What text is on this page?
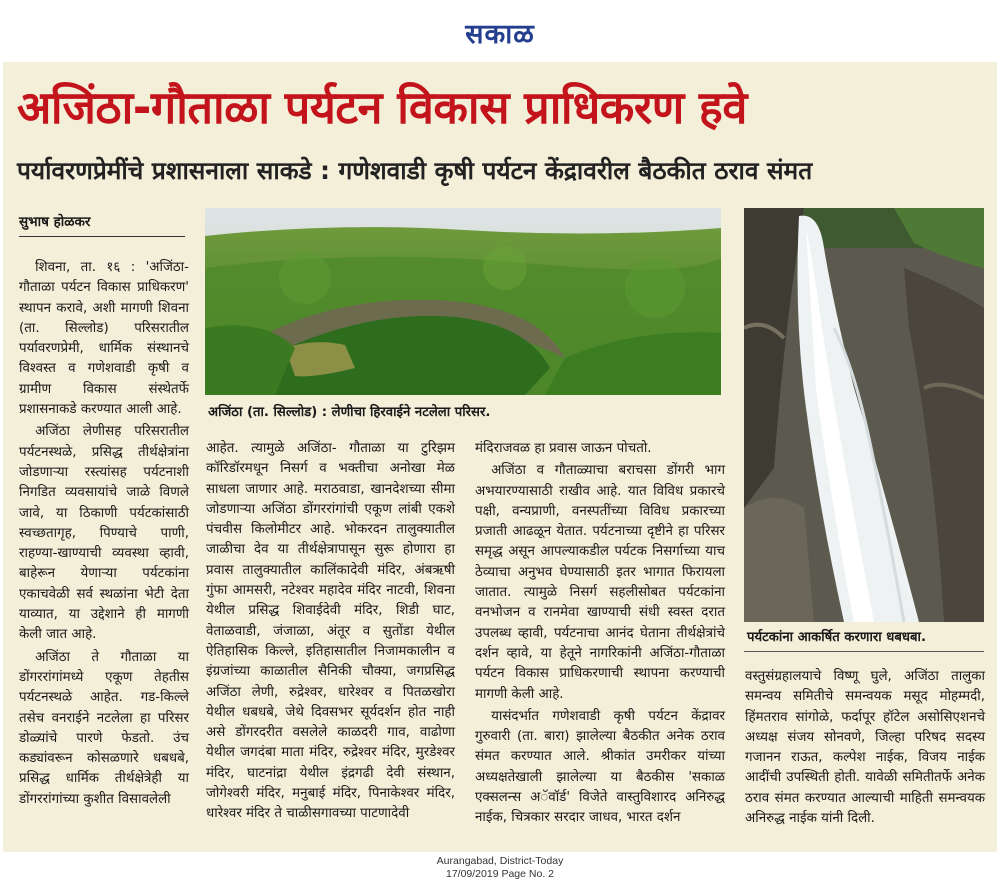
सकाळ
अजिंठा-गौताळा पर्यटन विकास प्राधिकरण हवे
पर्यावरणप्रेमींचे प्रशासनाला साकडे : गणेशवाडी कृषी पर्यटन केंद्रावरील बैठकीत ठराव संमत
सुभाष होळकर

शिवना, ता. १६ : 'अजिंठा-गौताळा पर्यटन विकास प्राधिकरण' स्थापन करावे, अशी मागणी शिवना (ता. सिल्लोड) परिसरातील पर्यावरणप्रेमी, धार्मिक संस्थानचे विश्वस्त व गणेशवाडी कृषी व ग्रामीण विकास संस्थेतर्फे प्रशासनाकडे करण्यात आली आहे.

अजिंठा लेणीसह परिसरातील पर्यटनस्थळे, प्रसिद्ध तीर्थक्षेत्रांना जोडणाऱ्या रस्त्यांसह पर्यटनाशी निगडित व्यवसायांचे जाळे विणले जावे, या ठिकाणी पर्यटकांसाठी स्वच्छतागृह, पिण्याचे पाणी, राहण्या-खाण्याची व्यवस्था व्हावी, बाहेरून येणाऱ्या पर्यटकांना एकाचवेळी सर्व स्थळांना भेटी देता याव्यात, या उद्देशाने ही मागणी केली जात आहे.

अजिंठा ते गौताळा या डोंगररांगांमध्ये एकूण तेहतीस पर्यटनस्थळे आहेत. गड-किल्ले तसेच वनराईने नटलेला हा परिसर डोळ्यांचे पारणे फेडतो. उंच कड्यांवरून कोसळणारे धबधबे, प्रसिद्ध धार्मिक तीर्थक्षेत्रेही या डोंगररांगांच्या कुशीत विसावलेली

अजिंठा (ता. सिल्लोड) : लेणीचा हिरवाईने नटलेला परिसर.
पर्यटकांना आकर्षित करणारा धबधबा.

आहेत. त्यामुळे अजिंठा- गौताळा या टुरिझम कॉरिडॉरमधून निसर्ग व भक्तीचा अनोखा मेळ साधला जाणार आहे. मराठवाडा, खानदेशच्या सीमा जोडणाऱ्या अजिंठा डोंगररांगांची एकूण लांबी एकशे पंचवीस किलोमीटर आहे. भोकरदन तालुक्यातील जाळीचा देव या तीर्थक्षेत्रापासून सुरू होणारा हा प्रवास तालुक्यातील कालिंकादेवी मंदिर, अंबऋषी गुंफा आमसरी, नटेश्वर महादेव मंदिर नाटवी, शिवना येथील प्रसिद्ध शिवाईदेवी मंदिर, शिडी घाट, वेताळवाडी, जंजाळा, अंतूर व सुतोंडा येथील ऐतिहासिक किल्ले, इतिहासातील निजामकालीन व इंग्रजांच्या काळातील सैनिकी चौक्या, जगप्रसिद्ध अजिंठा लेणी, रुद्रेश्वर, धारेश्वर व पितळखोरा येथील धबधबे, जेथे दिवसभर सूर्यदर्शन होत नाही असे डोंगरदरीत वसलेले काळदरी गाव, वाढोणा येथील जगदंबा माता मंदिर, रुद्रेश्वर मंदिर, मुरडेश्वर मंदिर, घाटनांद्रा येथील इंद्रगढी देवी संस्थान, जोगेश्वरी मंदिर, मनुबाई मंदिर, पिनाकेश्वर मंदिर, धारेश्वर मंदिर ते चाळीसगावच्या पाटणादेवी

मंदिराजवळ हा प्रवास जाऊन पोचतो.

अजिंठा व गौताळ्याचा बराचसा डोंगरी भाग अभयारण्यासाठी राखीव आहे. यात विविध प्रकारचे पक्षी, वन्यप्राणी, वनस्पतींच्या विविध प्रकारच्या प्रजाती आढळून येतात. पर्यटनाच्या दृष्टीने हा परिसर समृद्ध असून आपल्याकडील पर्यटक निसर्गाच्या याच ठेव्याचा अनुभव घेण्यासाठी इतर भागात फिरायला जातात. त्यामुळे निसर्ग सहलीसोबत पर्यटकांना वनभोजन व रानमेवा खाण्याची संधी स्वस्त दरात उपलब्ध व्हावी, पर्यटनाचा आनंद घेताना तीर्थक्षेत्रांचे दर्शन व्हावे, या हेतूने नागरिकांनी अजिंठा-गौताळा पर्यटन विकास प्राधिकरणाची स्थापना करण्याची मागणी केली आहे.

यासंदर्भात गणेशवाडी कृषी पर्यटन केंद्रावर गुरुवारी (ता. बारा) झालेल्या बैठकीत अनेक ठराव संमत करण्यात आले. श्रीकांत उमरीकर यांच्या अध्यक्षतेखाली झालेल्या या बैठकीस 'सकाळ एक्सलन्स अॅवॉर्ड' विजेते वास्तुविशारद अनिरुद्ध नाईक, चित्रकार सरदार जाधव, भारत दर्शन

वस्तुसंग्रहालयाचे विष्णू घुले, अजिंठा तालुका समन्वय समितीचे समन्वयक मसूद मोहम्मदी, हिंमतराव सांगोळे, फर्दापूर हॉटेल असोसिएशनचे अध्यक्ष संजय सोनवणे, जिल्हा परिषद सदस्य गजानन राऊत, कल्पेश नाईक, विजय नाईक आदींची उपस्थिती होती. यावेळी समितीतर्फे अनेक ठराव संमत करण्यात आल्याची माहिती समन्वयक अनिरुद्ध नाईक यांनी दिली.

Aurangabad, District-Today
17/09/2019 Page No. 2
